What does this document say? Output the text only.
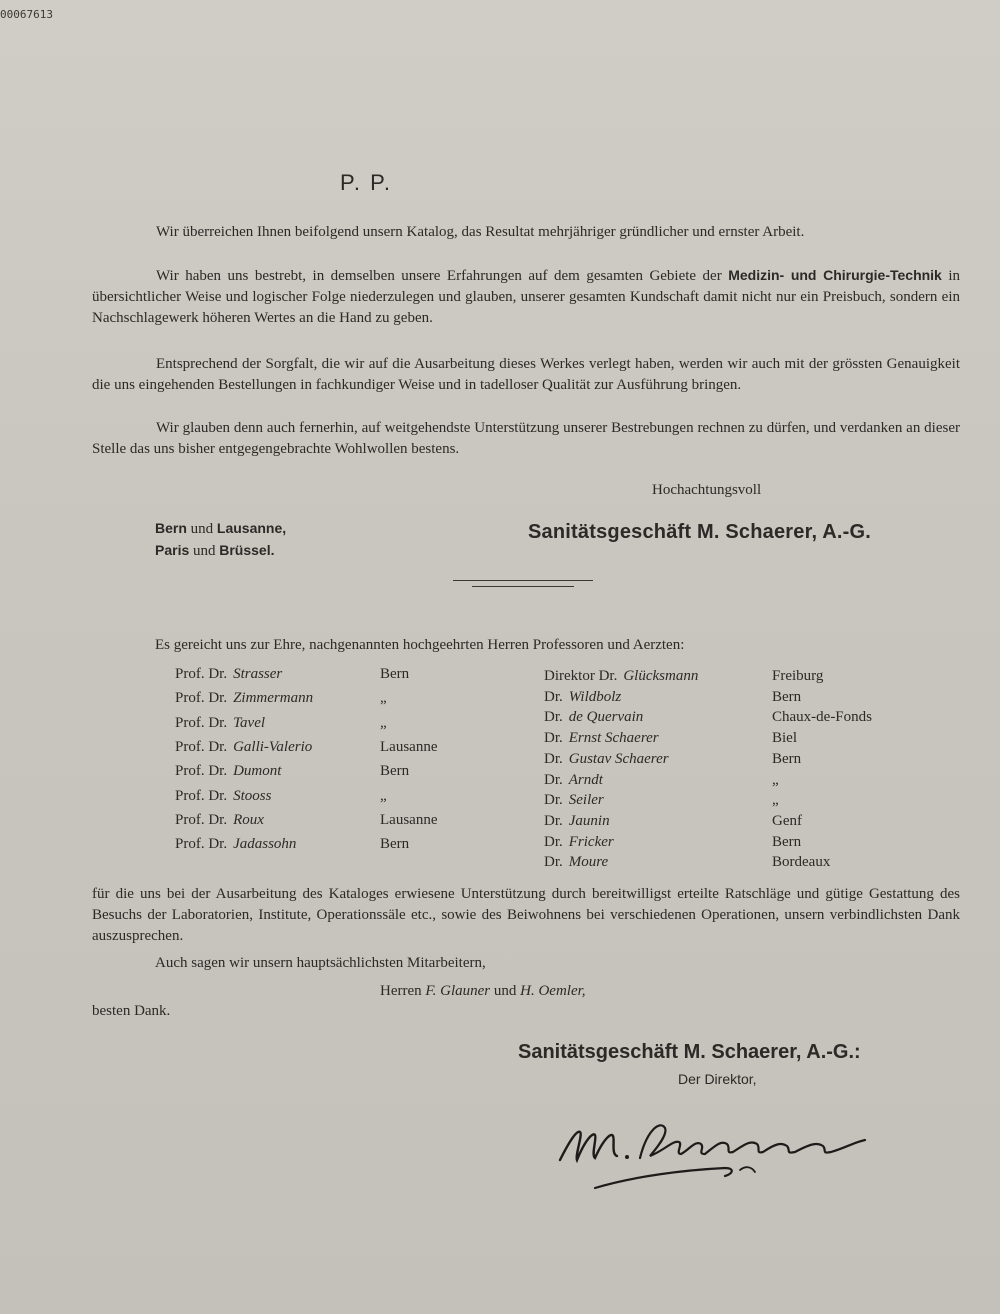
00067613
P. P.
Wir überreichen Ihnen beifolgend unsern Katalog, das Resultat mehrjähriger gründlicher und ernster Arbeit.
Wir haben uns bestrebt, in demselben unsere Erfahrungen auf dem gesamten Gebiete der Medizin- und Chirurgie-Technik in übersichtlicher Weise und logischer Folge niederzulegen und glauben, unserer gesamten Kundschaft damit nicht nur ein Preisbuch, sondern ein Nachschlagewerk höheren Wertes an die Hand zu geben.
Entsprechend der Sorgfalt, die wir auf die Ausarbeitung dieses Werkes verlegt haben, werden wir auch mit der grössten Genauigkeit die uns eingehenden Bestellungen in fachkundiger Weise und in tadelloser Qualität zur Ausführung bringen.
Wir glauben denn auch fernerhin, auf weitgehendste Unterstützung unserer Bestrebungen rechnen zu dürfen, und verdanken an dieser Stelle das uns bisher entgegengebrachte Wohlwollen bestens.
Hochachtungsvoll
Bern und Lausanne,
Paris und Brüssel.
Sanitätsgeschäft M. Schaerer, A.-G.
Es gereicht uns zur Ehre, nachgenannten hochgeehrten Herren Professoren und Aerzten:
Prof. Dr. Strasser	Bern
Prof. Dr. Zimmermann	„
Prof. Dr. Tavel	„
Prof. Dr. Galli-Valerio	Lausanne
Prof. Dr. Dumont	Bern
Prof. Dr. Stooss	„
Prof. Dr. Roux	Lausanne
Prof. Dr. Jadassohn	Bern
Direktor Dr. Glücksmann	Freiburg
Dr. Wildbolz	Bern
Dr. de Quervain	Chaux-de-Fonds
Dr. Ernst Schaerer	Biel
Dr. Gustav Schaerer	Bern
Dr. Arndt	„
Dr. Seiler	„
Dr. Jaunin	Genf
Dr. Fricker	Bern
Dr. Moure	Bordeaux
für die uns bei der Ausarbeitung des Kataloges erwiesene Unterstützung durch bereitwilligst erteilte Ratschläge und gütige Gestattung des Besuchs der Laboratorien, Institute, Operationssäle etc., sowie des Beiwohnens bei verschiedenen Operationen, unsern verbindlichsten Dank auszusprechen.
Auch sagen wir unsern hauptsächlichsten Mitarbeitern,
Herren F. Glauner und H. Oemler,
besten Dank.
Sanitätsgeschäft M. Schaerer, A.-G.:
Der Direktor,
